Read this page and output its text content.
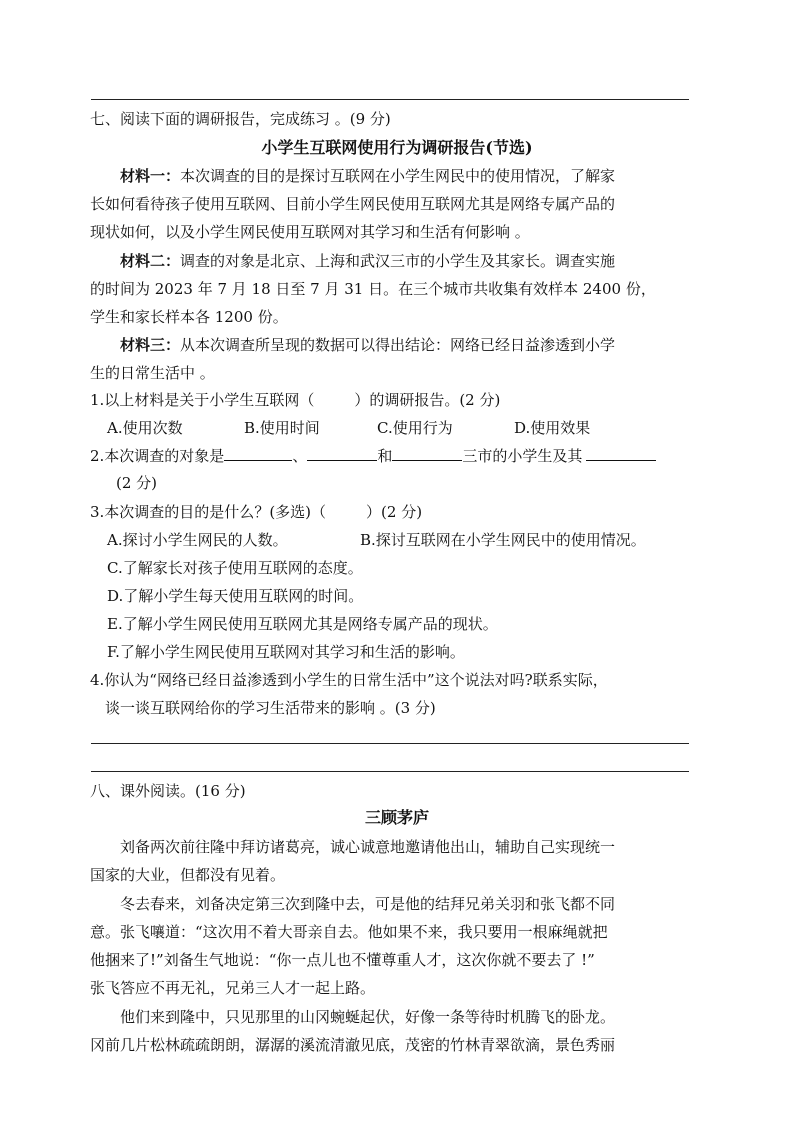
七、阅读下面的调研报告，完成练习 。(9 分)
小学生互联网使用行为调研报告(节选)
材料一：本次调查的目的是探讨互联网在小学生网民中的使用情况，了解家
长如何看待孩子使用互联网、目前小学生网民使用互联网尤其是网络专属产品的
现状如何，以及小学生网民使用互联网对其学习和生活有何影响 。
材料二：调查的对象是北京、上海和武汉三市的小学生及其家长。调查实施
的时间为 2023 年 7 月 18 日至 7 月 31 日。在三个城市共收集有效样本 2400 份，
学生和家长样本各 1200 份。
材料三：从本次调查所呈现的数据可以得出结论：网络已经日益渗透到小学
生的日常生活中 。
1.以上材料是关于小学生互联网（	）的调研报告。(2 分)
A.使用次数	B.使用时间	C.使用行为	D.使用效果
2.本次调查的对象是	、	和	三市的小学生及其
(2 分)
3.本次调查的目的是什么？(多选)（	）(2 分)
A.探讨小学生网民的人数。	B.探讨互联网在小学生网民中的使用情况。
C.了解家长对孩子使用互联网的态度。
D.了解小学生每天使用互联网的时间。
E.了解小学生网民使用互联网尤其是网络专属产品的现状。
F.了解小学生网民使用互联网对其学习和生活的影响。
4.你认为“网络已经日益渗透到小学生的日常生活中”这个说法对吗?联系实际，
谈一谈互联网给你的学习生活带来的影响 。(3 分)
八、课外阅读。(16 分)
三顾茅庐
刘备两次前往隆中拜访诸葛亮，诚心诚意地邀请他出山，辅助自己实现统一
国家的大业，但都没有见着。
冬去春来，刘备决定第三次到隆中去，可是他的结拜兄弟关羽和张飞都不同
意。张飞嚷道：“这次用不着大哥亲自去。他如果不来，我只要用一根麻绳就把
他捆来了!”刘备生气地说：“你一点儿也不懂尊重人才，这次你就不要去了 !”
张飞答应不再无礼，兄弟三人才一起上路。
他们来到隆中，只见那里的山冈蜿蜒起伏，好像一条等待时机腾飞的卧龙。
冈前几片松林疏疏朗朗，潺潺的溪流清澈见底，茂密的竹林青翠欲滴，景色秀丽
